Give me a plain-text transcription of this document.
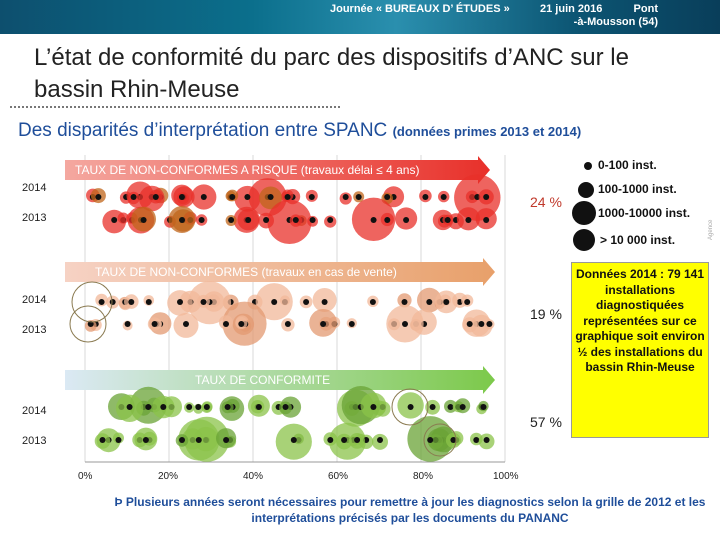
Journée « BUREAUX D’ ÉTUDES »	21 juin 2016	Pont
-à-Mousson (54)
L’état de conformité du parc des dispositifs d’ANC sur le bassin Rhin-Meuse
Des disparités d’interprétation entre SPANC (données primes 2013 et 2014)
TAUX DE NON-CONFORMES A RISQUE (travaux délai ≤ 4 ans)
TAUX DE NON-CONFORMES (travaux en cas de vente)
TAUX DE CONFORMITE
2014
2013
2014
2013
2014
2013
24 %
19 %
57 %
0%	20%	40%	60%	80%	100%
0-100 inst.
100-1000 inst.
1000-10000 inst.
> 10 000 inst.
Données 2014 : 79 141 installations diagnostiquées représentées sur ce graphique soit environ ½ des installations du bassin Rhin-Meuse
Þ Plusieurs années seront nécessaires pour remettre à jour les diagnostics selon la grille de 2012 et les interprétations précisés par les documents du PANANC
Agence
